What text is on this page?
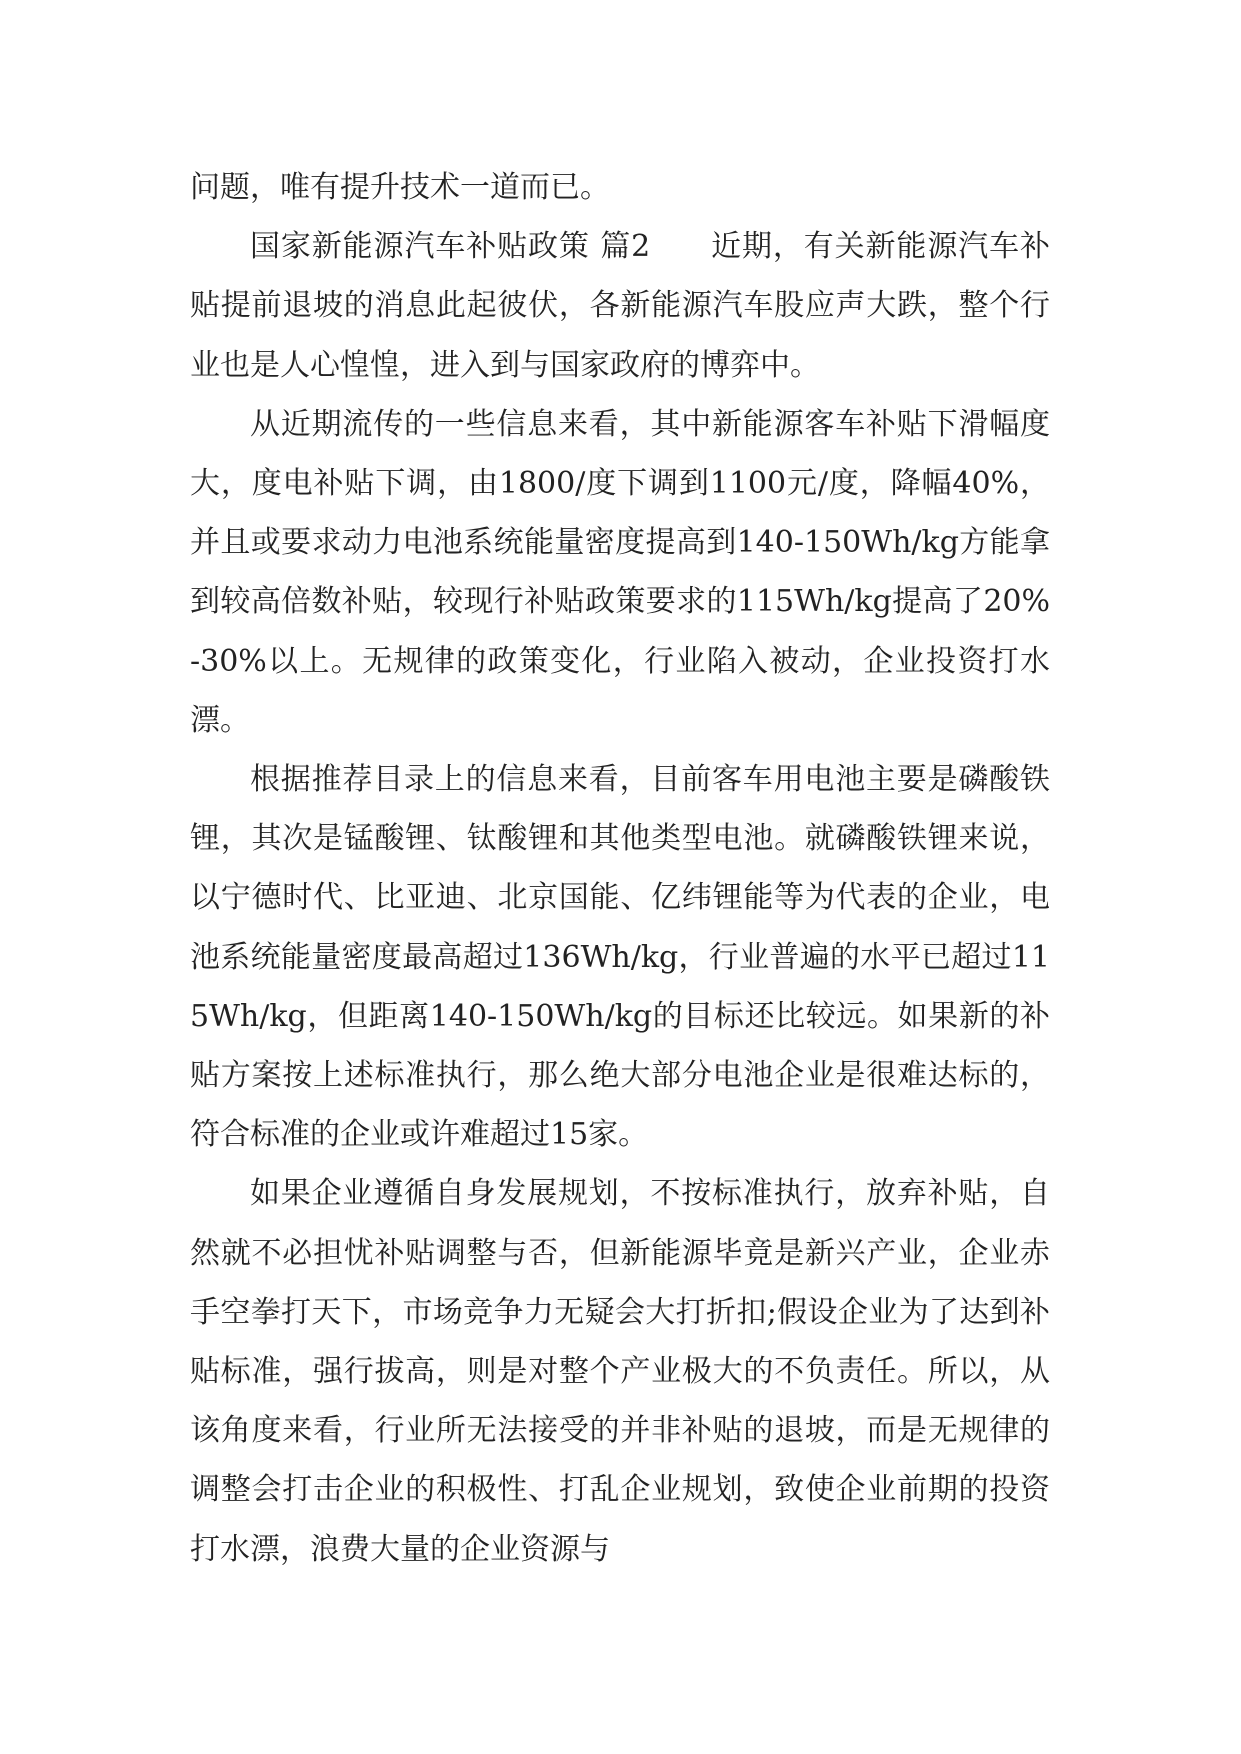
问题，唯有提升技术一道而已。

国家新能源汽车补贴政策 篇2 近期，有关新能源汽车补贴提前退坡的消息此起彼伏，各新能源汽车股应声大跌，整个行业也是人心惶惶，进入到与国家政府的博弈中。

从近期流传的一些信息来看，其中新能源客车补贴下滑幅度大，度电补贴下调，由1800/度下调到1100元/度，降幅40%，并且或要求动力电池系统能量密度提高到140-150Wh/kg方能拿到较高倍数补贴，较现行补贴政策要求的115Wh/kg提高了20%-30%以上。无规律的政策变化，行业陷入被动，企业投资打水漂。

根据推荐目录上的信息来看，目前客车用电池主要是磷酸铁锂，其次是锰酸锂、钛酸锂和其他类型电池。就磷酸铁锂来说，以宁德时代、比亚迪、北京国能、亿纬锂能等为代表的企业，电池系统能量密度最高超过136Wh/kg，行业普遍的水平已超过115Wh/kg，但距离140-150Wh/kg的目标还比较远。如果新的补贴方案按上述标准执行，那么绝大部分电池企业是很难达标的，符合标准的企业或许难超过15家。

如果企业遵循自身发展规划，不按标准执行，放弃补贴，自然就不必担忧补贴调整与否，但新能源毕竟是新兴产业，企业赤手空拳打天下，市场竞争力无疑会大打折扣;假设企业为了达到补贴标准，强行拔高，则是对整个产业极大的不负责任。所以，从该角度来看，行业所无法接受的并非补贴的退坡，而是无规律的调整会打击企业的积极性、打乱企业规划，致使企业前期的投资打水漂，浪费大量的企业资源与
